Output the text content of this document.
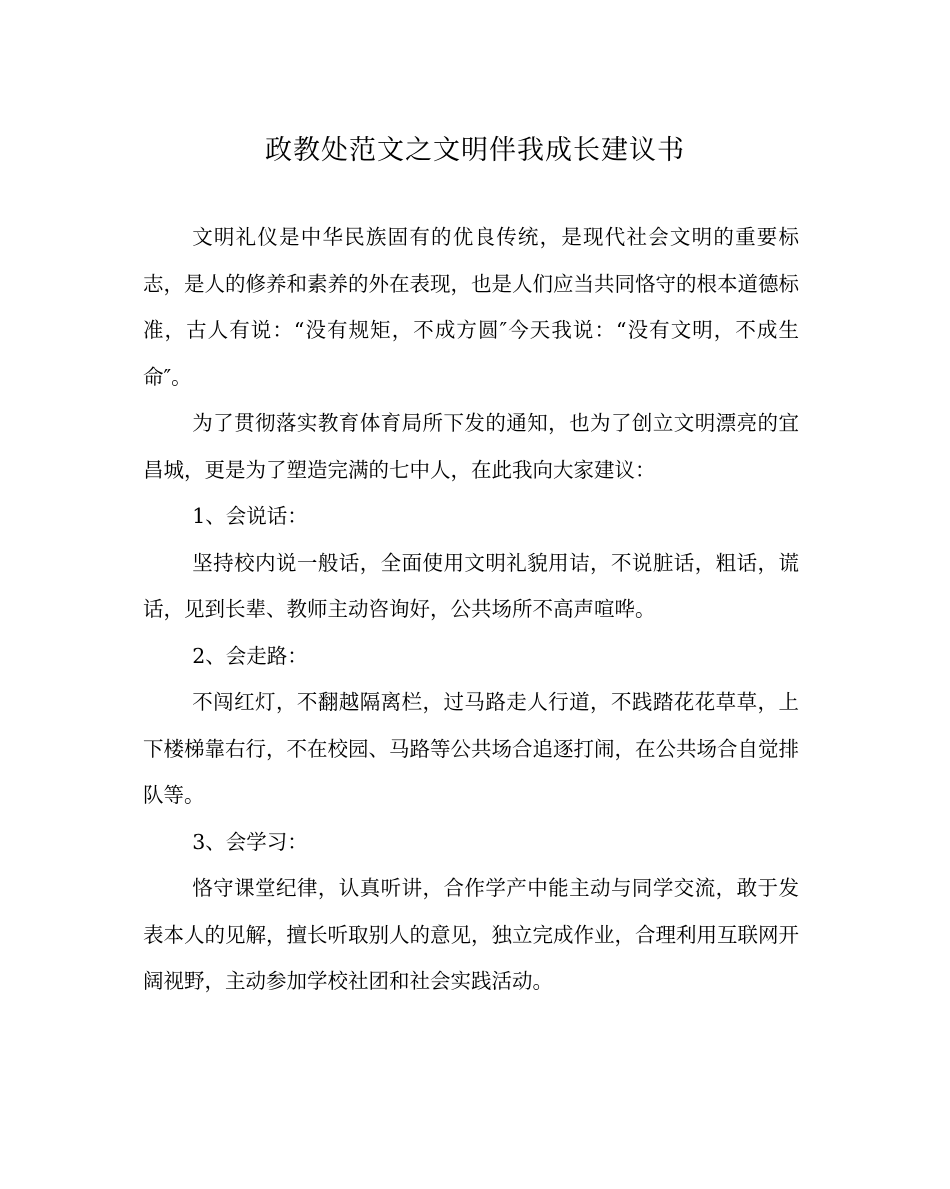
政教处范文之文明伴我成长建议书

文明礼仪是中华民族固有的优良传统，是现代社会文明的重要标志，是人的修养和素养的外在表现，也是人们应当共同恪守的根本道德标准，古人有说：“没有规矩，不成方圆″今天我说：“没有文明，不成生命″。

为了贯彻落实教育体育局所下发的通知，也为了创立文明漂亮的宜昌城，更是为了塑造完满的七中人，在此我向大家建议：

1、会说话：

坚持校内说一般话，全面使用文明礼貌用诘，不说脏话，粗话，谎话，见到长辈、教师主动咨询好，公共场所不高声喧哗。

2、会走路：

不闯红灯，不翻越隔离栏，过马路走人行道，不践踏花花草草，上下楼梯靠右行，不在校园、马路等公共场合追逐打闹，在公共场合自觉排队等。

3、会学习：

恪守课堂纪律，认真听讲，合作学产中能主动与同学交流，敢于发表本人的见解，擅长听取别人的意见，独立完成作业，合理利用互联网开阔视野，主动参加学校社团和社会实践活动。
